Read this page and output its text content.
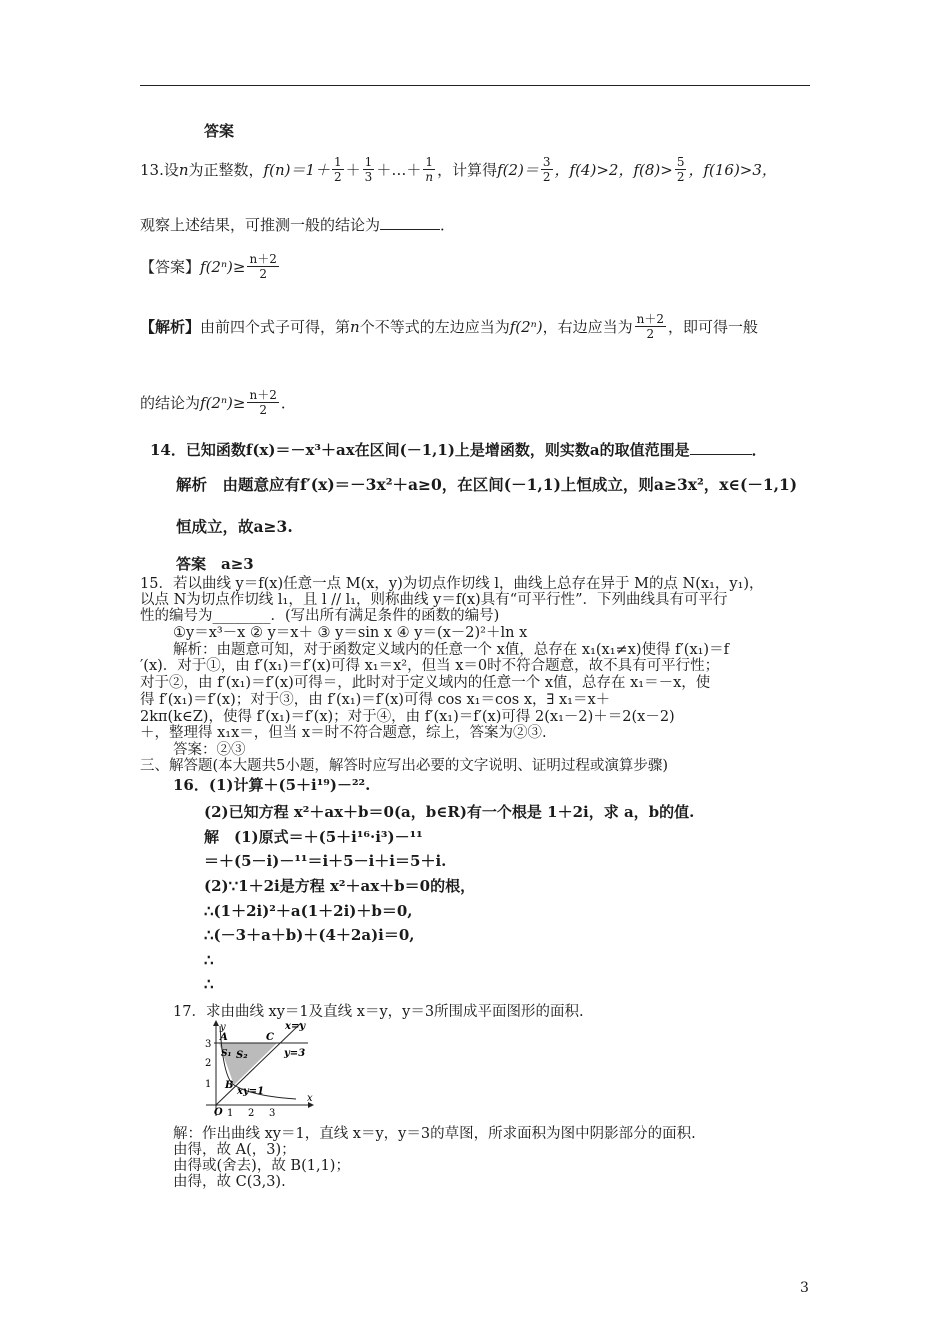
答案
13.设 n 为正整数， $f(n)=1+ \frac{1}{2} + \frac{1}{3}$ ＋…＋ $\frac{1}{n}$ ，计算得 $f(2)= \frac{3}{2}$ ，f(4)>2，$f(8)> \frac{5}{2}$ ，f(16)>3，
观察上述结果，可推测一般的结论为	．
【答案】 $f(2^n)\ge \frac{n+2}{2}$
【解析】 由前四个式子可得，第 n 个不等式的左边应当为 f(2ⁿ) ，右边应当为 $\frac{n+2}{2}$ ，即可得一般
的结论为 $f(2^n) \ge \frac{n+2}{2}$ ．
14．已知函数f(x)＝－x³＋ax在区间(－1,1)上是增函数，则实数a的取值范围是	．
解析　由题意应有f′(x)＝－3x²＋a≥0，在区间(－1,1)上恒成立，则a≥3x²，x∈(－1,1)
恒成立，故a≥3.
答案　a≥3
15．若以曲线 y＝f(x)任意一点 M(x，y)为切点作切线 l，曲线上总存在异于 M的点 N(x₁，y₁)，
以点 N为切点作切线 l₁，且 l // l₁，则称曲线 y＝f(x)具有“可平行性”．下列曲线具有可平行
性的编号为________．(写出所有满足条件的函数的编号)
①y＝x³－x ② y＝x＋ ③ y＝sin x ④ y＝(x－2)²＋ln x
解析：由题意可知，对于函数定义域内的任意一个 x值，总存在 x₁(x₁≠x)使得 f′(x₁)＝f
′(x)．对于①，由 f′(x₁)＝f′(x)可得 x₁＝x²，但当 x＝0时不符合题意，故不具有可平行性；
对于②，由 f′(x₁)＝f′(x)可得＝，此时对于定义域内的任意一个 x值，总存在 x₁＝－x，使
得 f′(x₁)＝f′(x)；对于③，由 f′(x₁)＝f′(x)可得 cos x₁＝cos x，∃ x₁＝x＋
2kπ(k∈Z)，使得 f′(x₁)＝f′(x)；对于④，由 f′(x₁)＝f′(x)可得 2(x₁－2)＋＝2(x－2)
＋，整理得 x₁x＝，但当 x＝时不符合题意，综上，答案为②③.
答案：②③
三、解答题(本大题共5小题，解答时应写出必要的文字说明、证明过程或演算步骤)
16．(1)计算＋(5＋i¹⁹)－²².
(2)已知方程 x²＋ax＋b＝0(a，b∈R)有一个根是 1＋2i，求 a，b的值.
解　(1)原式＝＋(5＋i¹⁶·i³)－¹¹
＝＋(5－i)－¹¹＝i＋5－i＋i＝5＋i.
(2)∵1＋2i是方程 x²＋ax＋b＝0的根，
∴(1＋2i)²＋a(1＋2i)＋b＝0,
∴(－3＋a＋b)＋(4＋2a)i＝0,
∴
∴
17．求由曲线 xy＝1及直线 x＝y，y＝3所围成平面图形的面积.
y
x
x=y
y=3
xy=1
A
B
C
S₁ S₂
O 1 2 3
1
2
3
解：作出曲线 xy＝1，直线 x＝y，y＝3的草图，所求面积为图中阴影部分的面积.
由得，故 A(，3)；
由得或(舍去)，故 B(1,1)；
由得，故 C(3,3).
3
